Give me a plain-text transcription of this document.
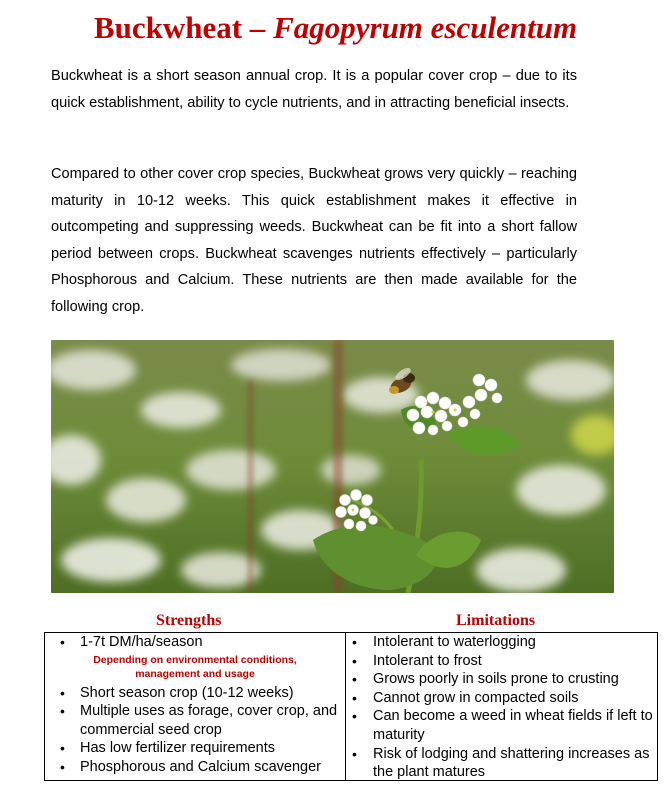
Buckwheat – Fagopyrum esculentum

Buckwheat is a short season annual crop. It is a popular cover crop – due to its quick establishment, ability to cycle nutrients, and in attracting beneficial insects.

Compared to other cover crop species, Buckwheat grows very quickly – reaching maturity in 10-12 weeks. This quick establishment makes it effective in outcompeting and suppressing weeds. Buckwheat can be fit into a short fallow period between crops. Buckwheat scavenges nutrients effectively – particularly Phosphorous and Calcium. These nutrients are then made available for the following crop.

Strengths	Limitations
• 1-7t DM/ha/season
Depending on environmental conditions, management and usage
• Short season crop (10-12 weeks)
• Multiple uses as forage, cover crop, and commercial seed crop
• Has low fertilizer requirements
• Phosphorous and Calcium scavenger
• Intolerant to waterlogging
• Intolerant to frost
• Grows poorly in soils prone to crusting
• Cannot grow in compacted soils
• Can become a weed in wheat fields if left to maturity
• Risk of lodging and shattering increases as the plant matures
